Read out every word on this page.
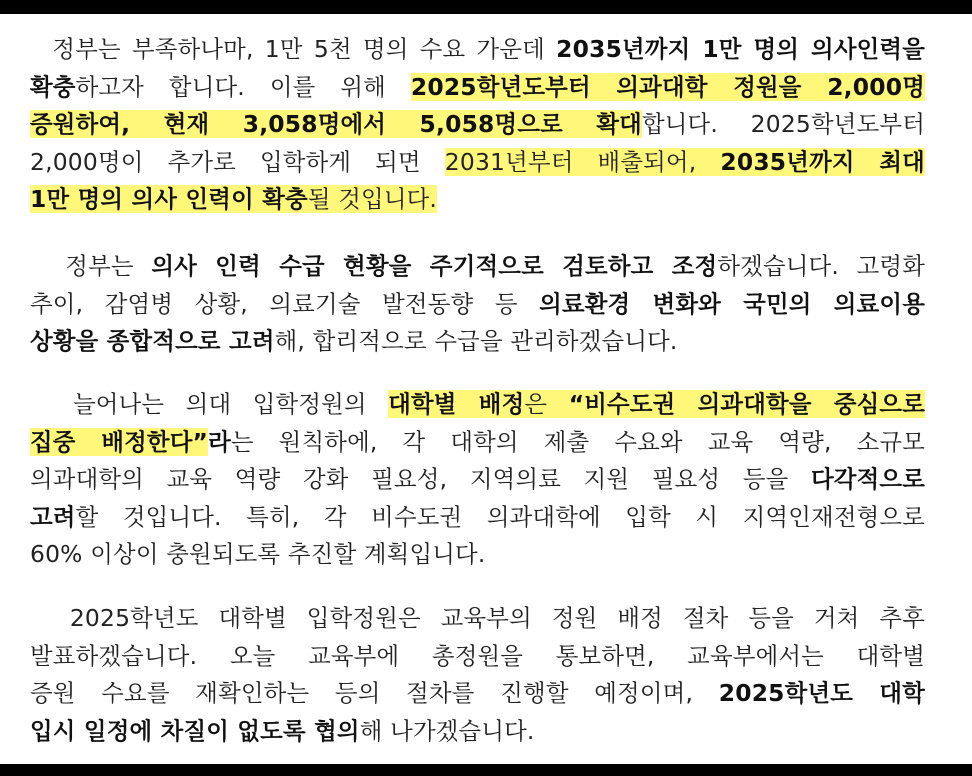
정부는 부족하나마, 1만 5천 명의 수요 가운데 2035년까지 1만 명의 의사인력을
확충하고자 합니다. 이를 위해 2025학년도부터 의과대학 정원을 2,000명
증원하여, 현재 3,058명에서 5,058명으로 확대합니다. 2025학년도부터
2,000명이 추가로 입학하게 되면 2031년부터 배출되어, 2035년까지 최대
1만 명의 의사 인력이 확충될 것입니다.
정부는 의사 인력 수급 현황을 주기적으로 검토하고 조정하겠습니다. 고령화
추이, 감염병 상황, 의료기술 발전동향 등 의료환경 변화와 국민의 의료이용
상황을 종합적으로 고려해, 합리적으로 수급을 관리하겠습니다.
늘어나는 의대 입학정원의 대학별 배정은 “비수도권 의과대학을 중심으로
집중 배정한다”라는 원칙하에, 각 대학의 제출 수요와 교육 역량, 소규모
의과대학의 교육 역량 강화 필요성, 지역의료 지원 필요성 등을 다각적으로
고려할 것입니다. 특히, 각 비수도권 의과대학에 입학 시 지역인재전형으로
60% 이상이 충원되도록 추진할 계획입니다.
2025학년도 대학별 입학정원은 교육부의 정원 배정 절차 등을 거쳐 추후
발표하겠습니다. 오늘 교육부에 총정원을 통보하면, 교육부에서는 대학별
증원 수요를 재확인하는 등의 절차를 진행할 예정이며, 2025학년도 대학
입시 일정에 차질이 없도록 협의해 나가겠습니다.
